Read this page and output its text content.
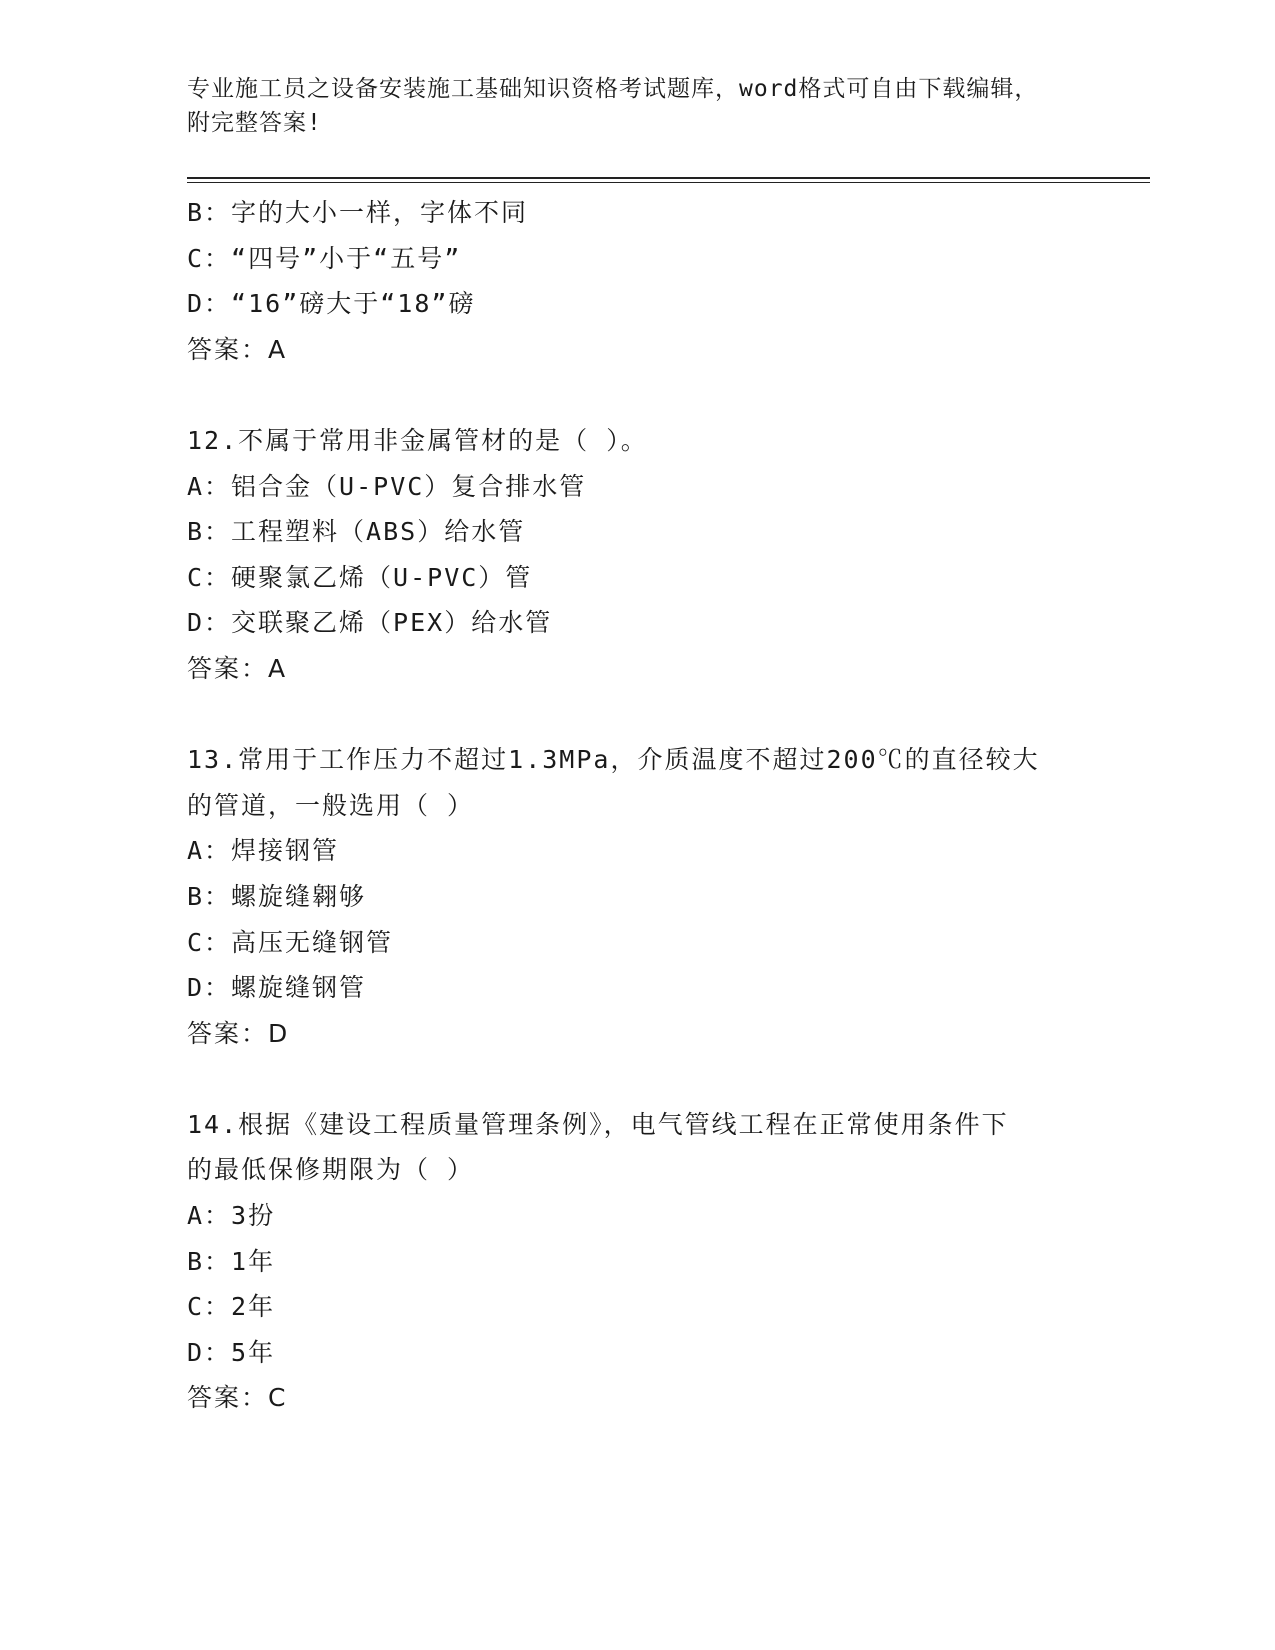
专业施工员之设备安装施工基础知识资格考试题库，word格式可自由下载编辑，
附完整答案!
B：字的大小一样，字体不同
C：“四号”小于“五号”
D：“16”磅大于“18”磅
答案：A
12.不属于常用非金属管材的是（ ）。
A：铝合金（U-PVC）复合排水管
B：工程塑料（ABS）给水管
C：硬聚氯乙烯（U-PVC）管
D：交联聚乙烯（PEX）给水管
答案：A
13.常用于工作压力不超过1.3MPa，介质温度不超过200℃的直径较大
的管道，一般选用（ ）
A：焊接钢管
B：螺旋缝翱够
C：高压无缝钢管
D：螺旋缝钢管
答案：D
14.根据《建设工程质量管理条例》，电气管线工程在正常使用条件下
的最低保修期限为（ ）
A：3扮
B：1年
C：2年
D：5年
答案：C
